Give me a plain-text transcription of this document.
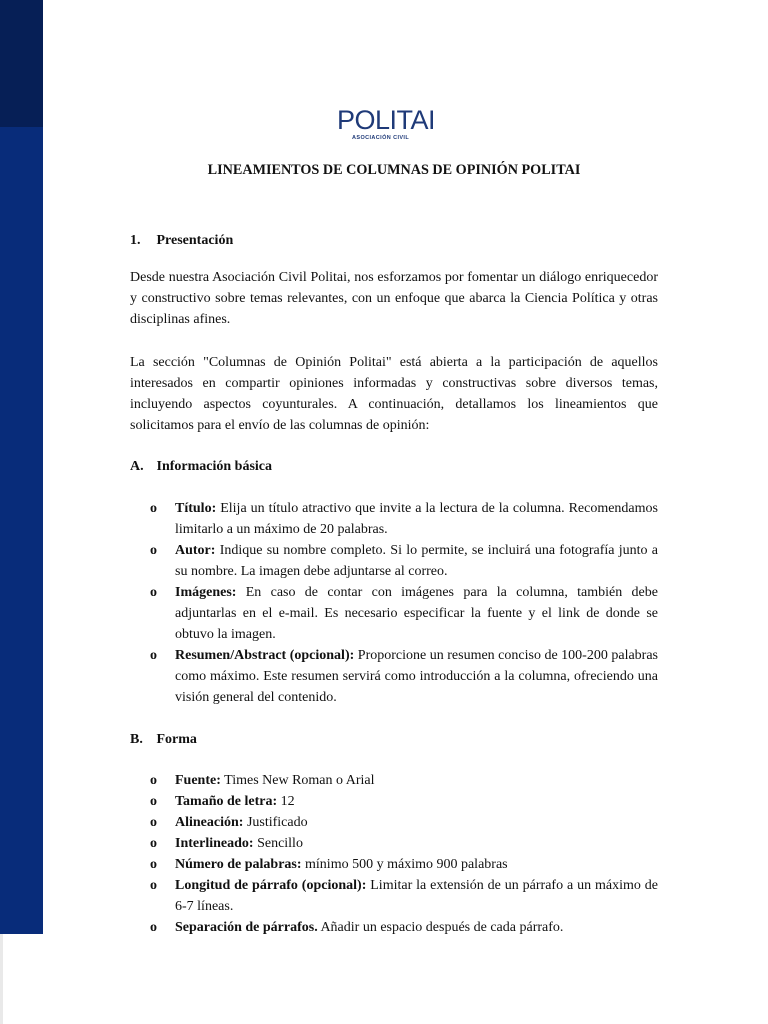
POLITAI
ASOCIACIÓN CIVIL
LINEAMIENTOS DE COLUMNAS DE OPINIÓN POLITAI
1. Presentación
Desde nuestra Asociación Civil Politai, nos esforzamos por fomentar un diálogo enriquecedor y constructivo sobre temas relevantes, con un enfoque que abarca la Ciencia Política y otras disciplinas afines.
La sección "Columnas de Opinión Politai" está abierta a la participación de aquellos interesados en compartir opiniones informadas y constructivas sobre diversos temas, incluyendo aspectos coyunturales. A continuación, detallamos los lineamientos que solicitamos para el envío de las columnas de opinión:
A. Información básica
o Título: Elija un título atractivo que invite a la lectura de la columna. Recomendamos limitarlo a un máximo de 20 palabras.
o Autor: Indique su nombre completo. Si lo permite, se incluirá una fotografía junto a su nombre. La imagen debe adjuntarse al correo.
o Imágenes: En caso de contar con imágenes para la columna, también debe adjuntarlas en el e-mail. Es necesario especificar la fuente y el link de donde se obtuvo la imagen.
o Resumen/Abstract (opcional): Proporcione un resumen conciso de 100-200 palabras como máximo. Este resumen servirá como introducción a la columna, ofreciendo una visión general del contenido.
B. Forma
o Fuente: Times New Roman o Arial
o Tamaño de letra: 12
o Alineación: Justificado
o Interlineado: Sencillo
o Número de palabras: mínimo 500 y máximo 900 palabras
o Longitud de párrafo (opcional): Limitar la extensión de un párrafo a un máximo de 6-7 líneas.
o Separación de párrafos. Añadir un espacio después de cada párrafo.
